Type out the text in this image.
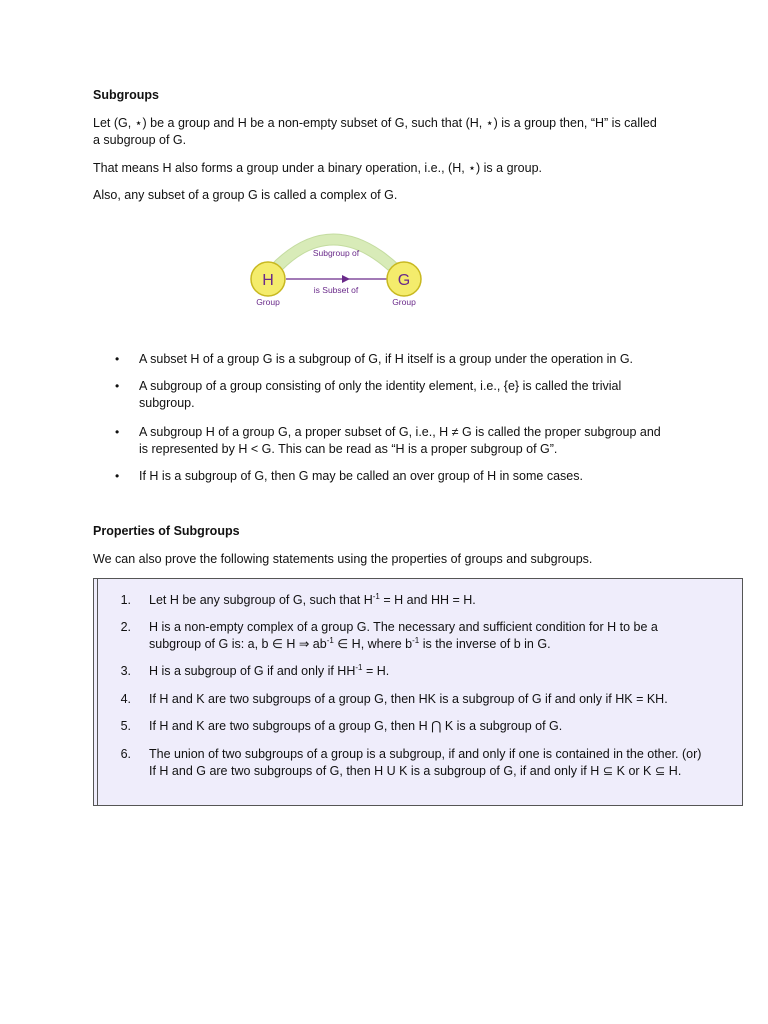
Subgroups
Let (G, ⋆) be a group and H be a non-empty subset of G, such that (H, ⋆) is a group then, “H” is called
a subgroup of G.
That means H also forms a group under a binary operation, i.e., (H, ⋆) is a group.
Also, any subset of a group G is called a complex of G.
Subgroup of
is Subset of
H	G
Group	Group
• A subset H of a group G is a subgroup of G, if H itself is a group under the operation in G.
• A subgroup of a group consisting of only the identity element, i.e., {e} is called the trivial
subgroup.
• A subgroup H of a group G, a proper subset of G, i.e., H ≠ G is called the proper subgroup and
is represented by H < G. This can be read as “H is a proper subgroup of G”.
• If H is a subgroup of G, then G may be called an over group of H in some cases.
Properties of Subgroups
We can also prove the following statements using the properties of groups and subgroups.
1. Let H be any subgroup of G, such that $H^{-1} = H$ and HH = H.
2. H is a non-empty complex of a group G. The necessary and sufficient condition for H to be a
subgroup of G is: a, b ∈ H ⇒ $ab^{-1}$ ∈ H, where $b^{-1}$ is the inverse of b in G.
3. H is a subgroup of G if and only if $HH^{-1} = H$.
4. If H and K are two subgroups of a group G, then HK is a subgroup of G if and only if HK = KH.
5. If H and K are two subgroups of a group G, then H ⋂ K is a subgroup of G.
6. The union of two subgroups of a group is a subgroup, if and only if one is contained in the other. (or)
If H and G are two subgroups of G, then H U K is a subgroup of G, if and only if H ⊆ K or K ⊆ H.
